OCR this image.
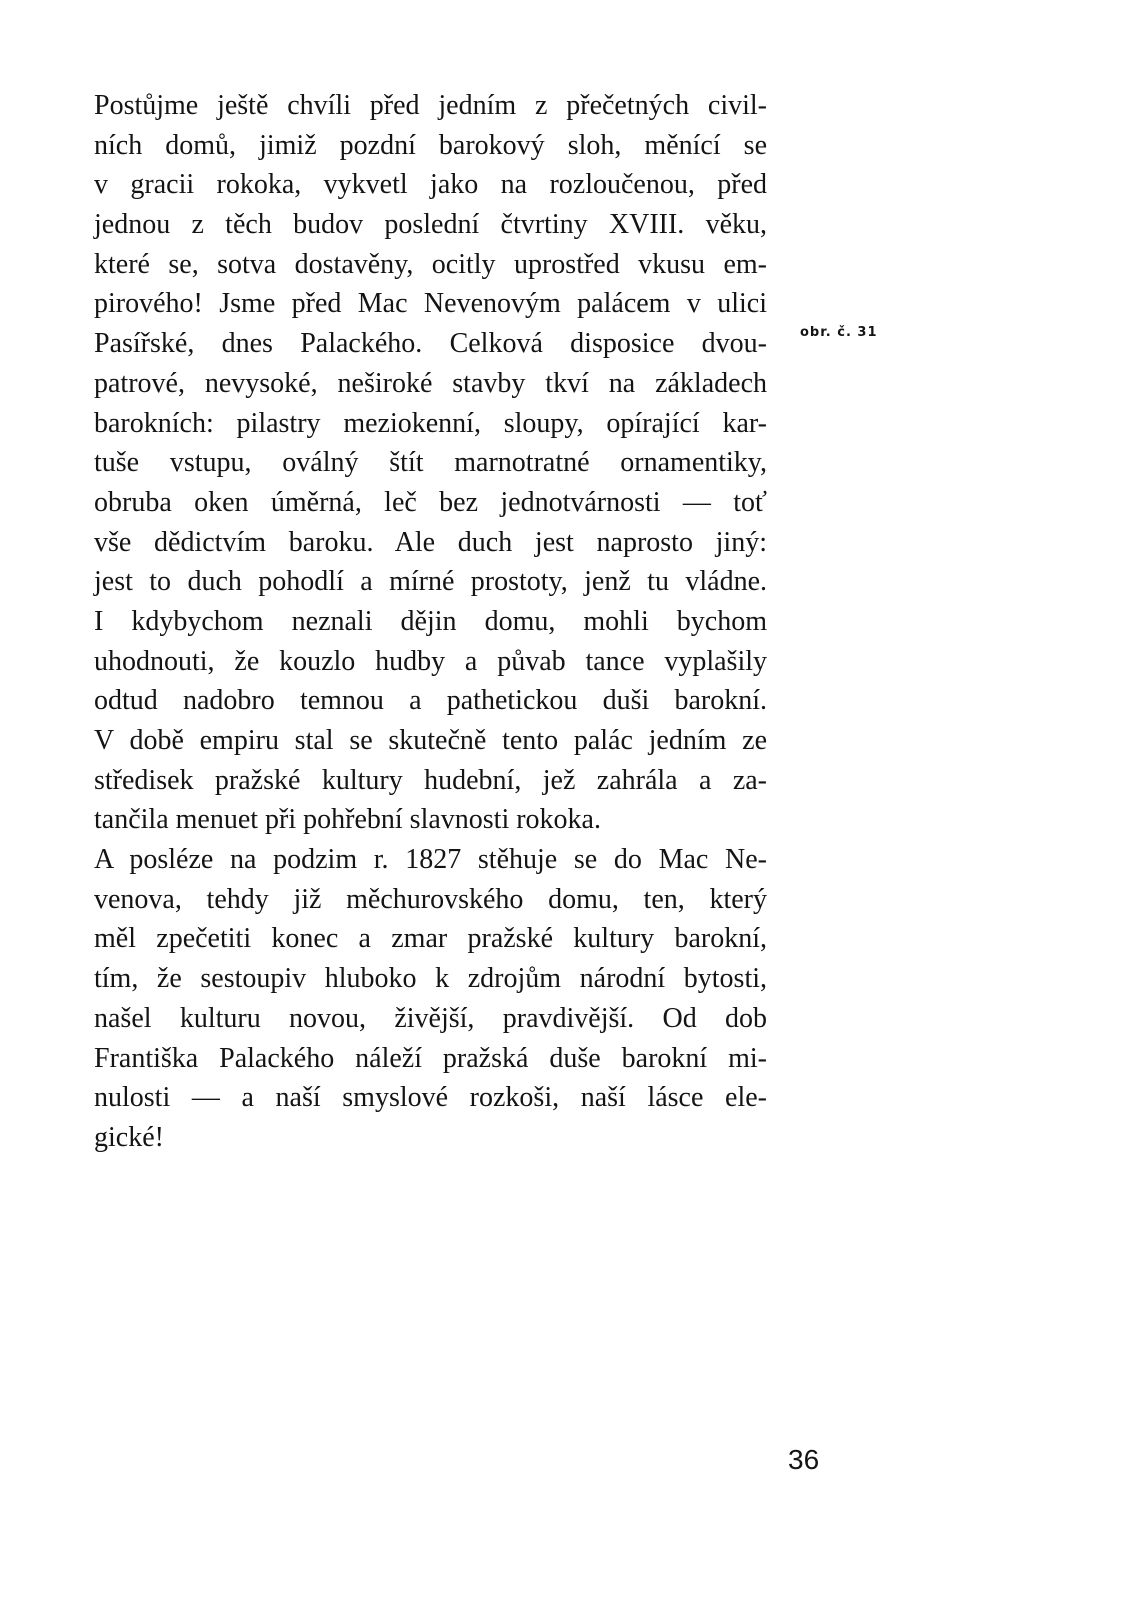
Postůjme ještě chvíli před jedním z přečetných civil-
ních domů, jimiž pozdní barokový sloh, měnící se
v gracii rokoka, vykvetl jako na rozloučenou, před
jednou z těch budov poslední čtvrtiny XVIII. věku,
které se, sotva dostavěny, ocitly uprostřed vkusu em-
pirového! Jsme před Mac Nevenovým palácem v ulici
Pasířské, dnes Palackého. Celková disposice dvou-
patrové, nevysoké, neširoké stavby tkví na základech
barokních: pilastry meziokenní, sloupy, opírající kar-
tuše vstupu, oválný štít marnotratné ornamentiky,
obruba oken úměrná, leč bez jednotvárnosti — toť
vše dědictvím baroku. Ale duch jest naprosto jiný:
jest to duch pohodlí a mírné prostoty, jenž tu vládne.
I kdybychom neznali dějin domu, mohli bychom
uhodnouti, že kouzlo hudby a půvab tance vyplašily
odtud nadobro temnou a pathetickou duši barokní.
V době empiru stal se skutečně tento palác jedním ze
středisek pražské kultury hudební, jež zahrála a za-
tančila menuet při pohřební slavnosti rokoka.
A posléze na podzim r. 1827 stěhuje se do Mac Ne-
venova, tehdy již měchurovského domu, ten, který
měl zpečetiti konec a zmar pražské kultury barokní,
tím, že sestoupiv hluboko k zdrojům národní bytosti,
našel kulturu novou, živější, pravdivější. Od dob
Františka Palackého náleží pražská duše barokní mi-
nulosti — a naší smyslové rozkoši, naší lásce ele-
gické!
obr. č. 31
36
